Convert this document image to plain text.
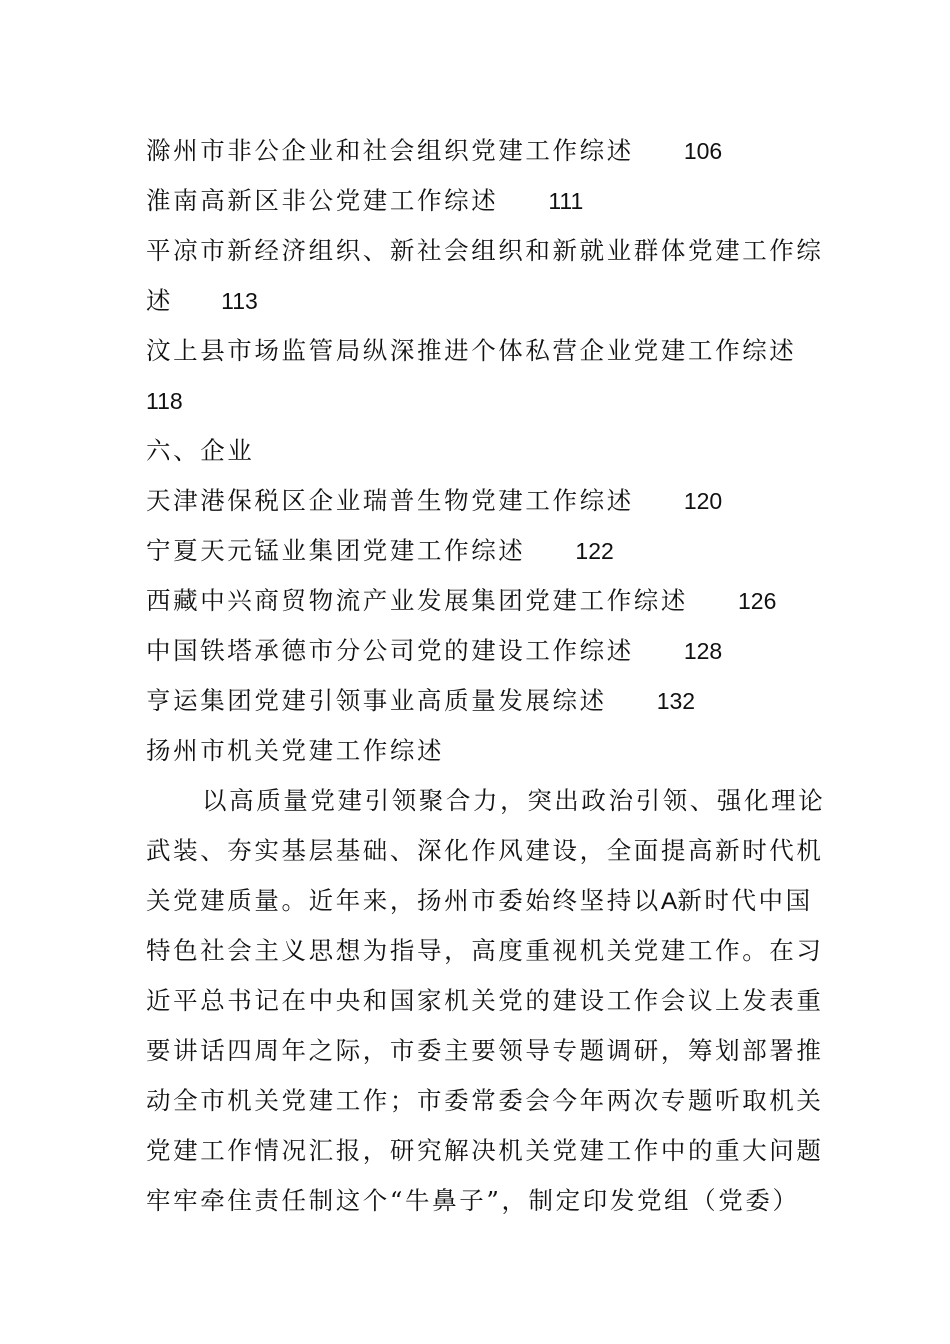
滁州市非公企业和社会组织党建工作综述 106
淮南高新区非公党建工作综述 111
平凉市新经济组织、新社会组织和新就业群体党建工作综
述 113
汶上县市场监管局纵深推进个体私营企业党建工作综述
118
六、企业
天津港保税区企业瑞普生物党建工作综述 120
宁夏天元锰业集团党建工作综述 122
西藏中兴商贸物流产业发展集团党建工作综述 126
中国铁塔承德市分公司党的建设工作综述 128
亨运集团党建引领事业高质量发展综述 132
扬州市机关党建工作综述
以高质量党建引领聚合力，突出政治引领、强化理论
武装、夯实基层基础、深化作风建设，全面提高新时代机
关党建质量。近年来，扬州市委始终坚持以A新时代中国
特色社会主义思想为指导，高度重视机关党建工作。在习
近平总书记在中央和国家机关党的建设工作会议上发表重
要讲话四周年之际，市委主要领导专题调研，筹划部署推
动全市机关党建工作；市委常委会今年两次专题听取机关
党建工作情况汇报，研究解决机关党建工作中的重大问题
牢牢牵住责任制这个“牛鼻子”，制定印发党组（党委）
